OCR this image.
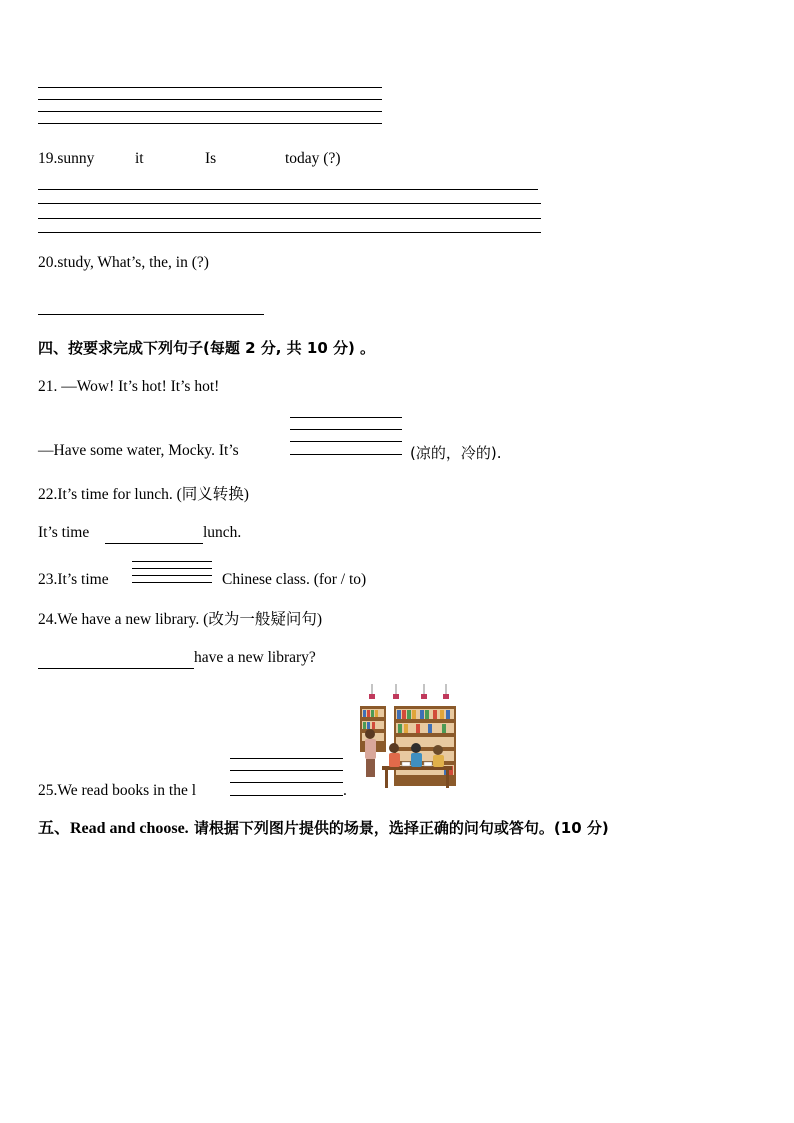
19.sunny	it	Is	today (?)
20.study, What’s, the, in (?)
四、按要求完成下列句子(每题 2 分, 共 10 分) 。
21. —Wow! It’s hot! It’s hot!
—Have some water, Mocky. It’s	(凉的，冷的).
22.It’s time for lunch. (同义转换)
It’s time	lunch.
23.It’s time	Chinese class. (for / to)
24.We have a new library. (改为一般疑问句)
have a new library?
25.We read books in the l	.
五、Read and choose. 请根据下列图片提供的场景，选择正确的问句或答句。(10 分)
